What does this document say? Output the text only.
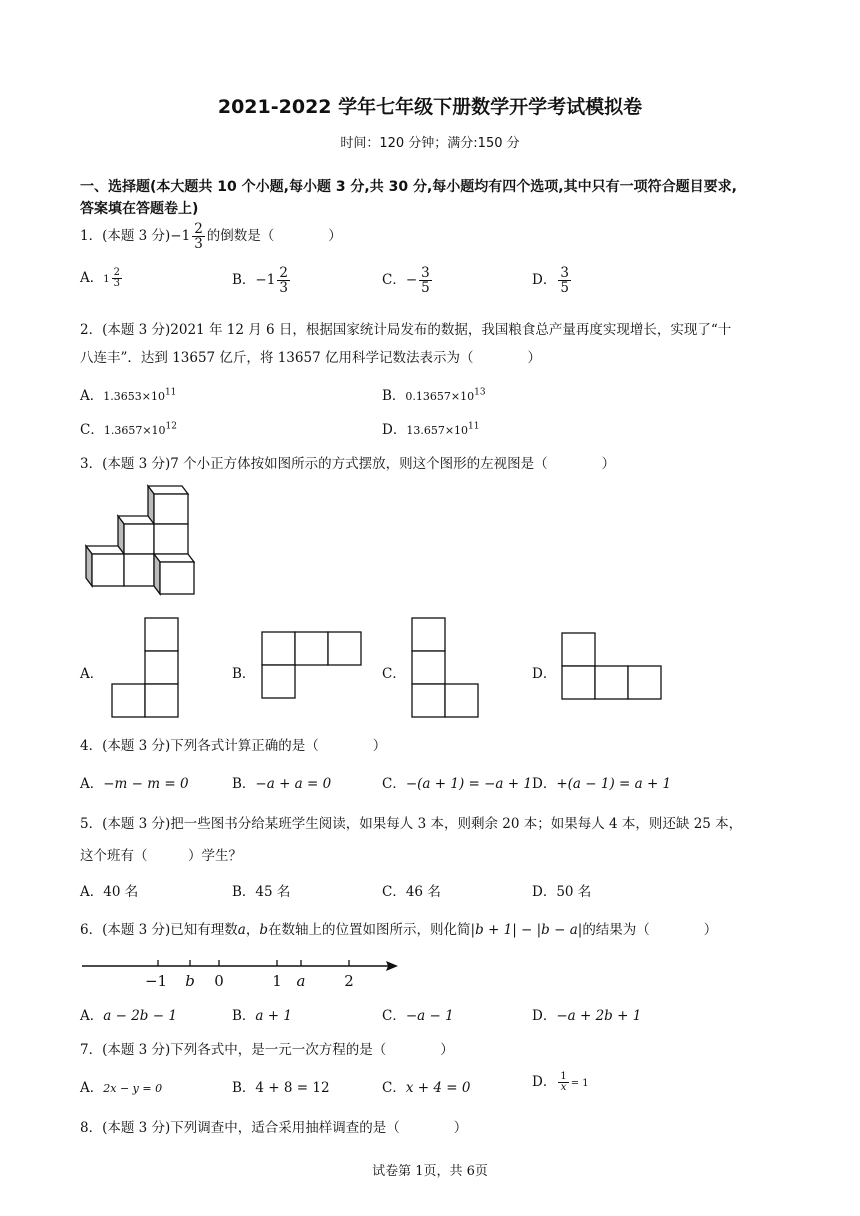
2021-2022 学年七年级下册数学开学考试模拟卷
时间：120 分钟；满分:150 分
一、选择题(本大题共 10 个小题,每小题 3 分,共 30 分,每小题均有四个选项,其中只有一项符合题目要求,
答案填在答题卷上)
1．(本题 3 分)$-1 \frac{2}{3}$ 的倒数是（　　　　）
A．$1 \frac{2}{3}$	B．$-1 \frac{2}{3}$	C．− $\frac{3}{5}$	D． $\frac{3}{5}$
2．(本题 3 分)2021 年 12 月 6 日，根据国家统计局发布的数据，我国粮食总产量再度实现增长，实现了“十
八连丰”．达到 13657 亿斤，将 13657 亿用科学记数法表示为（　　　　）
A．$1.3653\times 10^{11}$	B．$0.13657\times 10^{13}$
C．$1.3657\times 10^{12}$	D．$13.657\times 10^{11}$
3．(本题 3 分)7 个小正方体按如图所示的方式摆放，则这个图形的左视图是（　　　　）
A．	B．	C．	D．
4．(本题 3 分)下列各式计算正确的是（　　　　）
A．−m − m = 0	B．−a + a = 0	C．−(a + 1) = −a + 1 D．+(a − 1) = a + 1
5．(本题 3 分)把一些图书分给某班学生阅读，如果每人 3 本，则剩余 20 本；如果每人 4 本，则还缺 25 本，
这个班有（　　　）学生？
A．40 名	B．45 名	C．46 名	D．50 名
6．(本题 3 分)已知有理数a，b在数轴上的位置如图所示，则化简|b + 1| − |b − a|的结果为（　　　　）
−1 b 0	1 a	2
A．a − 2b − 1	B．a + 1	C．−a − 1	D．−a + 2b + 1
7．(本题 3 分)下列各式中，是一元一次方程的是（　　　　）
A．2x − y = 0	B．4 + 8 = 12	C．x + 4 = 0	D． $\frac{1}{x} = 1$
8．(本题 3 分)下列调查中，适合采用抽样调查的是（　　　　）
试卷第 1页，共 6页
